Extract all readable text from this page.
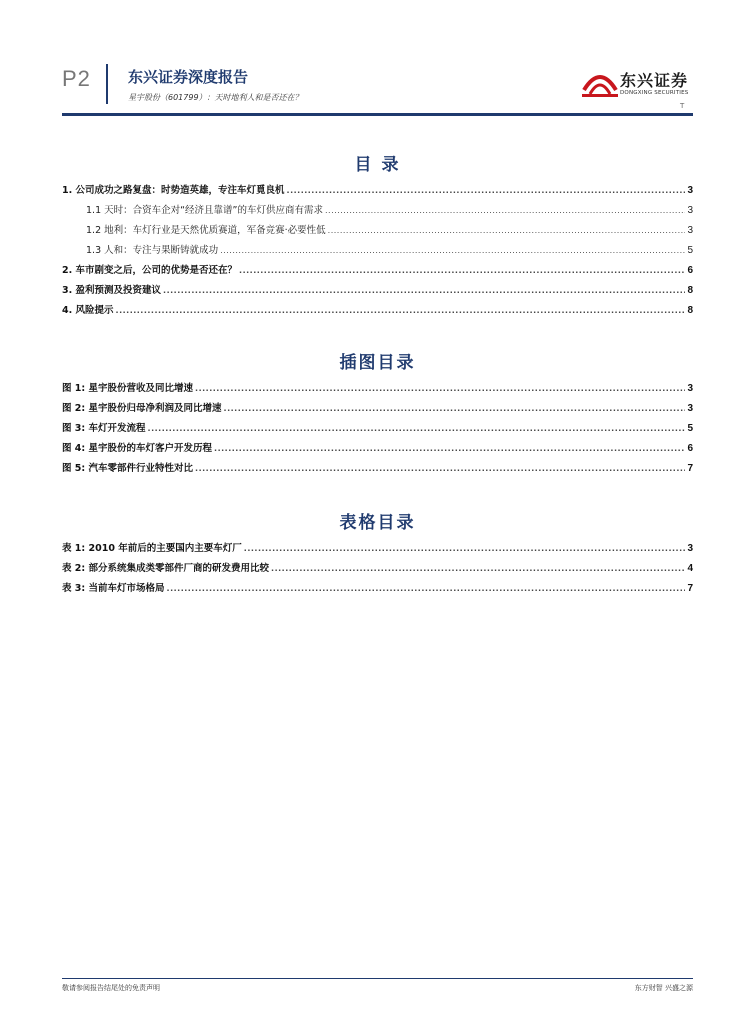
P2 东兴证券深度报告
星宇股份（601799）：天时地利人和是否还在？
东兴证券
DONGXING SECURITIES
T
目 录
1. 公司成功之路复盘：时势造英雄，专注车灯覓良机 .....	3
1.1 天时：合资车企对“经济且靠谱”的车灯供应商有需求 .....	3
1.2 地利：车灯行业是天然优质赛道，军备竞赛·必要性低 .....	3
1.3 人和：专注与果断铸就成功 .....	5
2. 车市剧变之后，公司的优势是否还在？ .....	6
3. 盈利预测及投资建议 .....	8
4. 风险提示 .....	8
插图目录
图 1: 星宇股份营收及同比增速 .....	3
图 2: 星宇股份归母净利润及同比增速 .....	3
图 3: 车灯开发流程 .....	5
图 4: 星宇股份的车灯客户开发历程 .....	6
图 5: 汽车零部件行业特性对比 .....	7
表格目录
表 1: 2010 年前后的主要国内主要车灯厂 .....	3
表 2: 部分系统集成类零部件厂商的研发费用比较 .....	4
表 3: 当前车灯市场格局 .....	7
敬请参阅报告结尾处的免责声明	东方财智 兴盛之源
